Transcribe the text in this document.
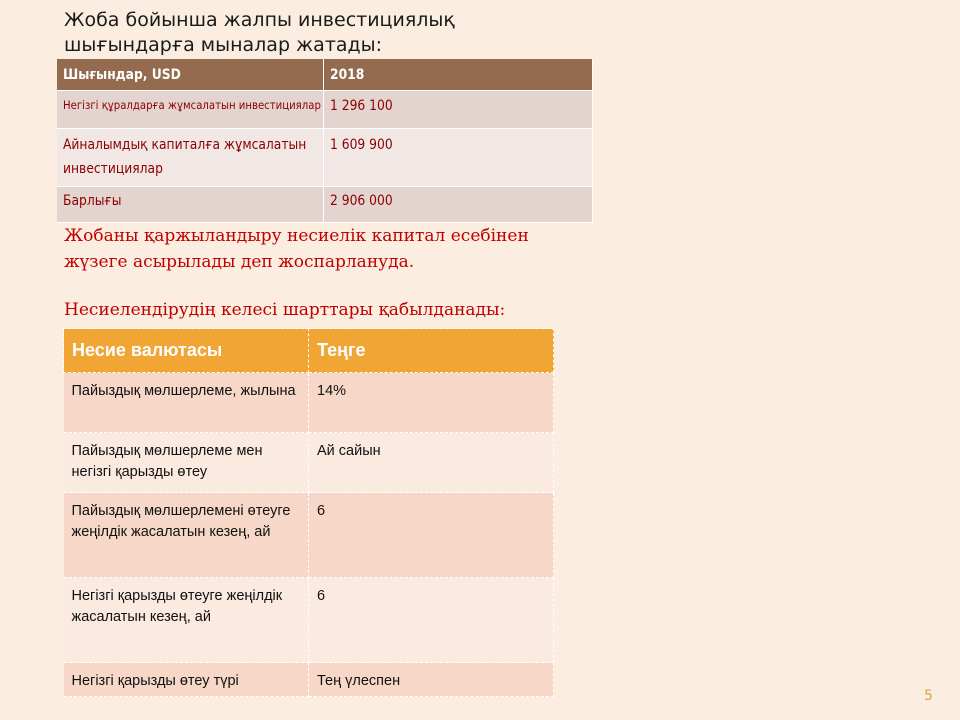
Жоба бойынша жалпы инвестициялық
шығындарға мыналар жатады:
Шығындар, USD	2018
Негізгі құралдарға жұмсалатын инвестициялар	1 296 100
Айналымдық капиталға жұмсалатын инвестициялар	1 609 900
Барлығы	2 906 000

Жобаны қаржыландыру несиелік капитал есебінен
жүзеге асырылады деп жоспарлануда.

Несиелендірудің келесі шарттары қабылданады:

Несие валютасы	Теңге
Пайыздық мөлшерлеме, жылына	14%
Пайыздық мөлшерлеме мен негізгі қарызды өтеу	Ай сайын
Пайыздық мөлшерлемені өтеуге жеңілдік жасалатын кезең, ай	6
Негізгі қарызды өтеуге жеңілдік жасалатын кезең, ай	6
Негізгі қарызды өтеу түрі	Тең үлеспен
5
